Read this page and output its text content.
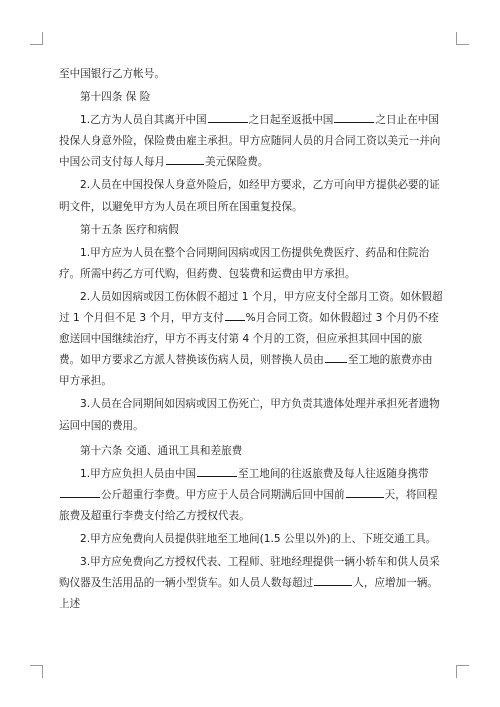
至中国银行乙方帐号。

第十四条 保 险

1.乙方为人员自其离开中国	之日起至返抵中国	之日止在中国投保人身意外险，保险费由雇主承担。甲方应随同人员的月合同工资以美元一并向中国公司支付每人每月	美元保险费。

2.人员在中国投保人身意外险后，如经甲方要求，乙方可向甲方提供必要的证明文件，以避免甲方为人员在项目所在国重复投保。

第十五条 医疗和病假

1.甲方应为人员在整个合同期间因病或因工伤提供免费医疗、药品和住院治疗。所需中药乙方可代购，但药费、包装费和运费由甲方承担。

2.人员如因病或因工伤休假不超过 1 个月，甲方应支付全部月工资。如休假超过 1 个月但不足 3 个月，甲方支付 %月合同工资。如休假超过 3 个月仍不痊愈送回中国继续治疗，甲方不再支付第 4 个月的工资，但应承担其回中国的旅费。如甲方要求乙方派人替换该伤病人员，则替换人员由 至工地的旅费亦由甲方承担。

3.人员在合同期间如因病或因工伤死亡，甲方负责其遗体处理并承担死者遗物运回中国的费用。

第十六条 交通、通讯工具和差旅费

1.甲方应负担人员由中国	至工地间的往返旅费及每人往返随身携带公斤超重行李费。甲方应于人员合同期满后回中国前	天，将回程旅费及超重行李费支付给乙方授权代表。

2.甲方应免费向人员提供驻地至工地间(1.5 公里以外)的上、下班交通工具。

3.甲方应免费向乙方授权代表、工程师、驻地经理提供一辆小轿车和供人员采购仪器及生活用品的一辆小型货车。如人员人数每超过	人，应增加一辆。上述
